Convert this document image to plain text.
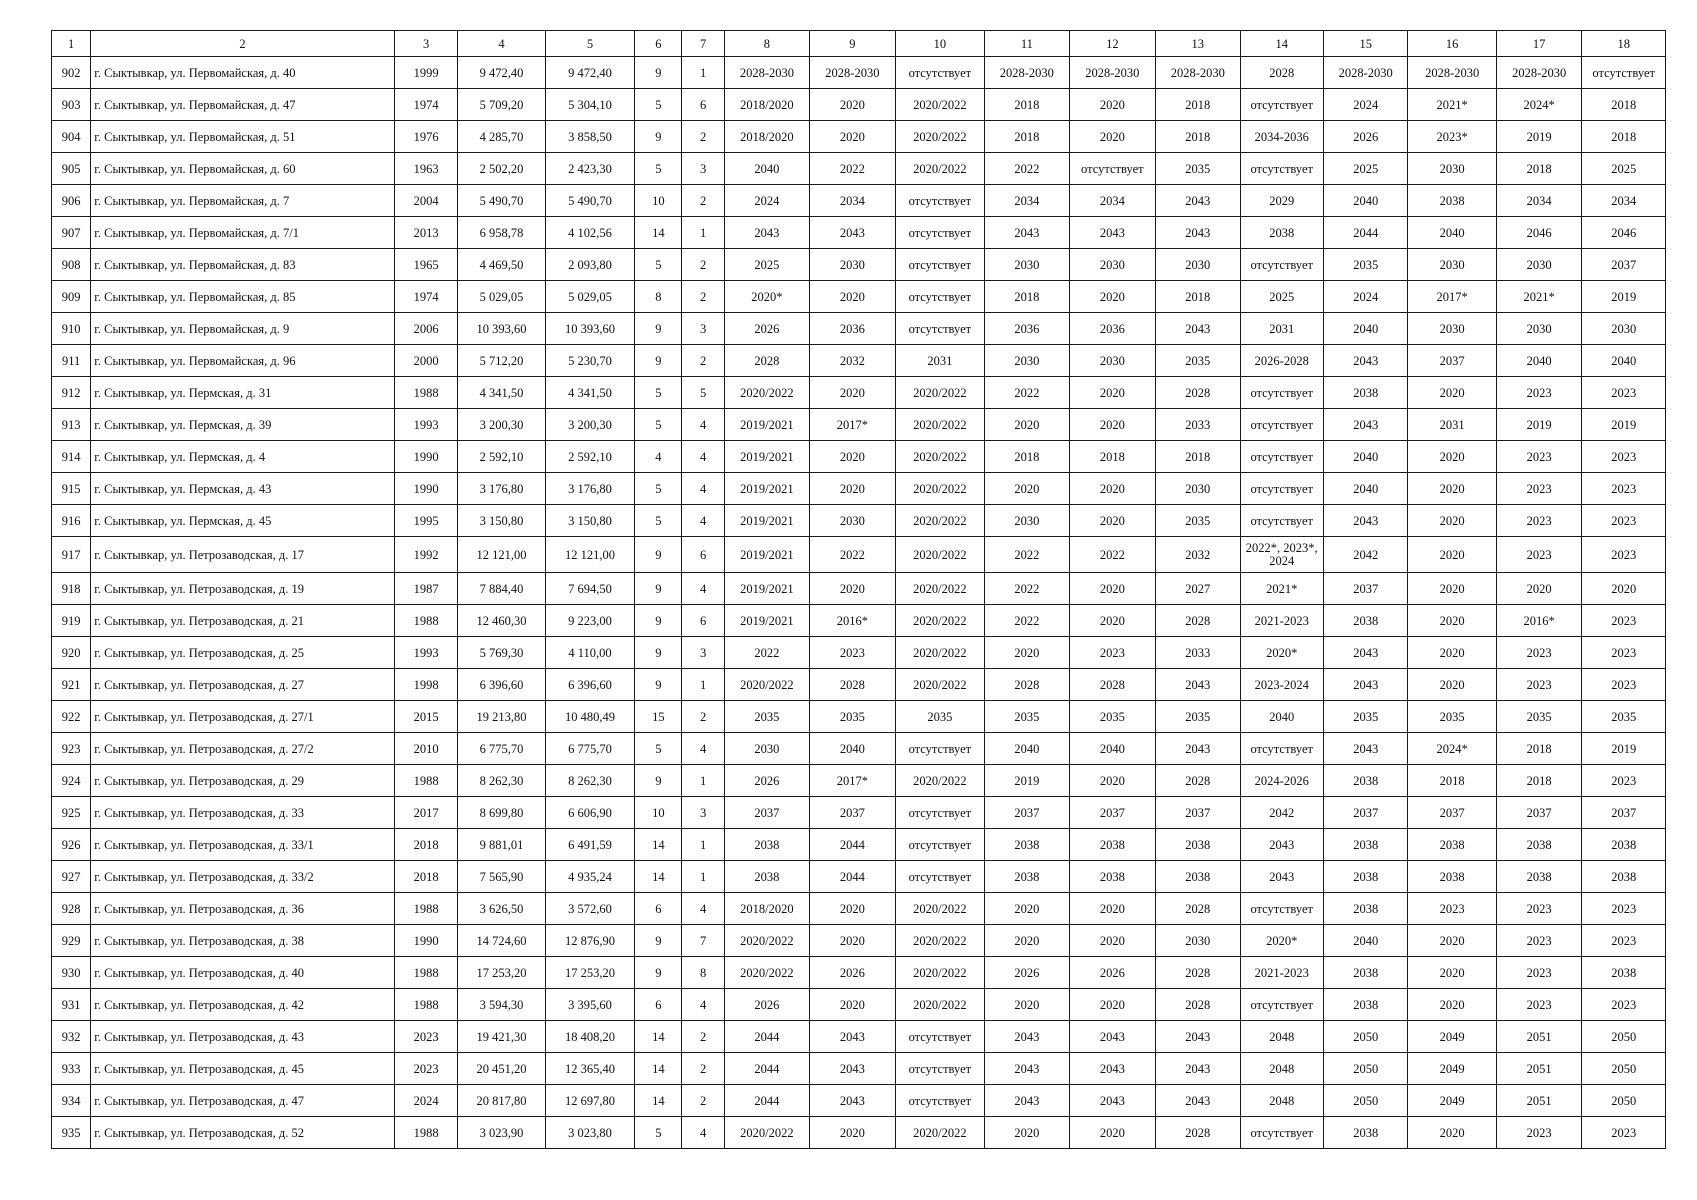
1	2	3	4	5	6	7	8	9	10	11	12	13	14	15	16	17	18
902	г. Сыктывкар, ул. Первомайская, д. 40	1999	9 472,40	9 472,40	9	1	2028-2030	2028-2030	отсутствует	2028-2030	2028-2030	2028-2030	2028	2028-2030	2028-2030	2028-2030	отсутствует
903	г. Сыктывкар, ул. Первомайская, д. 47	1974	5 709,20	5 304,10	5	6	2018/2020	2020	2020/2022	2018	2020	2018	отсутствует	2024	2021*	2024*	2018
904	г. Сыктывкар, ул. Первомайская, д. 51	1976	4 285,70	3 858,50	9	2	2018/2020	2020	2020/2022	2018	2020	2018	2034-2036	2026	2023*	2019	2018
905	г. Сыктывкар, ул. Первомайская, д. 60	1963	2 502,20	2 423,30	5	3	2040	2022	2020/2022	2022	отсутствует	2035	отсутствует	2025	2030	2018	2025
906	г. Сыктывкар, ул. Первомайская, д. 7	2004	5 490,70	5 490,70	10	2	2024	2034	отсутствует	2034	2034	2043	2029	2040	2038	2034	2034
907	г. Сыктывкар, ул. Первомайская, д. 7/1	2013	6 958,78	4 102,56	14	1	2043	2043	отсутствует	2043	2043	2043	2038	2044	2040	2046	2046
908	г. Сыктывкар, ул. Первомайская, д. 83	1965	4 469,50	2 093,80	5	2	2025	2030	отсутствует	2030	2030	2030	отсутствует	2035	2030	2030	2037
909	г. Сыктывкар, ул. Первомайская, д. 85	1974	5 029,05	5 029,05	8	2	2020*	2020	отсутствует	2018	2020	2018	2025	2024	2017*	2021*	2019
910	г. Сыктывкар, ул. Первомайская, д. 9	2006	10 393,60	10 393,60	9	3	2026	2036	отсутствует	2036	2036	2043	2031	2040	2030	2030	2030
911	г. Сыктывкар, ул. Первомайская, д. 96	2000	5 712,20	5 230,70	9	2	2028	2032	2031	2030	2030	2035	2026-2028	2043	2037	2040	2040
912	г. Сыктывкар, ул. Пермская, д. 31	1988	4 341,50	4 341,50	5	5	2020/2022	2020	2020/2022	2022	2020	2028	отсутствует	2038	2020	2023	2023
913	г. Сыктывкар, ул. Пермская, д. 39	1993	3 200,30	3 200,30	5	4	2019/2021	2017*	2020/2022	2020	2020	2033	отсутствует	2043	2031	2019	2019
914	г. Сыктывкар, ул. Пермская, д. 4	1990	2 592,10	2 592,10	4	4	2019/2021	2020	2020/2022	2018	2018	2018	отсутствует	2040	2020	2023	2023
915	г. Сыктывкар, ул. Пермская, д. 43	1990	3 176,80	3 176,80	5	4	2019/2021	2020	2020/2022	2020	2020	2030	отсутствует	2040	2020	2023	2023
916	г. Сыктывкар, ул. Пермская, д. 45	1995	3 150,80	3 150,80	5	4	2019/2021	2030	2020/2022	2030	2020	2035	отсутствует	2043	2020	2023	2023
917	г. Сыктывкар, ул. Петрозаводская, д. 17	1992	12 121,00	12 121,00	9	6	2019/2021	2022	2020/2022	2022	2022	2032	2022*, 2023*, 2024	2042	2020	2023	2023
918	г. Сыктывкар, ул. Петрозаводская, д. 19	1987	7 884,40	7 694,50	9	4	2019/2021	2020	2020/2022	2022	2020	2027	2021*	2037	2020	2020	2020
919	г. Сыктывкар, ул. Петрозаводская, д. 21	1988	12 460,30	9 223,00	9	6	2019/2021	2016*	2020/2022	2022	2020	2028	2021-2023	2038	2020	2016*	2023
920	г. Сыктывкар, ул. Петрозаводская, д. 25	1993	5 769,30	4 110,00	9	3	2022	2023	2020/2022	2020	2023	2033	2020*	2043	2020	2023	2023
921	г. Сыктывкар, ул. Петрозаводская, д. 27	1998	6 396,60	6 396,60	9	1	2020/2022	2028	2020/2022	2028	2028	2043	2023-2024	2043	2020	2023	2023
922	г. Сыктывкар, ул. Петрозаводская, д. 27/1	2015	19 213,80	10 480,49	15	2	2035	2035	2035	2035	2035	2035	2040	2035	2035	2035	2035
923	г. Сыктывкар, ул. Петрозаводская, д. 27/2	2010	6 775,70	6 775,70	5	4	2030	2040	отсутствует	2040	2040	2043	отсутствует	2043	2024*	2018	2019
924	г. Сыктывкар, ул. Петрозаводская, д. 29	1988	8 262,30	8 262,30	9	1	2026	2017*	2020/2022	2019	2020	2028	2024-2026	2038	2018	2018	2023
925	г. Сыктывкар, ул. Петрозаводская, д. 33	2017	8 699,80	6 606,90	10	3	2037	2037	отсутствует	2037	2037	2037	2042	2037	2037	2037	2037
926	г. Сыктывкар, ул. Петрозаводская, д. 33/1	2018	9 881,01	6 491,59	14	1	2038	2044	отсутствует	2038	2038	2038	2043	2038	2038	2038	2038
927	г. Сыктывкар, ул. Петрозаводская, д. 33/2	2018	7 565,90	4 935,24	14	1	2038	2044	отсутствует	2038	2038	2038	2043	2038	2038	2038	2038
928	г. Сыктывкар, ул. Петрозаводская, д. 36	1988	3 626,50	3 572,60	6	4	2018/2020	2020	2020/2022	2020	2020	2028	отсутствует	2038	2023	2023	2023
929	г. Сыктывкар, ул. Петрозаводская, д. 38	1990	14 724,60	12 876,90	9	7	2020/2022	2020	2020/2022	2020	2020	2030	2020*	2040	2020	2023	2023
930	г. Сыктывкар, ул. Петрозаводская, д. 40	1988	17 253,20	17 253,20	9	8	2020/2022	2026	2020/2022	2026	2026	2028	2021-2023	2038	2020	2023	2038
931	г. Сыктывкар, ул. Петрозаводская, д. 42	1988	3 594,30	3 395,60	6	4	2026	2020	2020/2022	2020	2020	2028	отсутствует	2038	2020	2023	2023
932	г. Сыктывкар, ул. Петрозаводская, д. 43	2023	19 421,30	18 408,20	14	2	2044	2043	отсутствует	2043	2043	2043	2048	2050	2049	2051	2050
933	г. Сыктывкар, ул. Петрозаводская, д. 45	2023	20 451,20	12 365,40	14	2	2044	2043	отсутствует	2043	2043	2043	2048	2050	2049	2051	2050
934	г. Сыктывкар, ул. Петрозаводская, д. 47	2024	20 817,80	12 697,80	14	2	2044	2043	отсутствует	2043	2043	2043	2048	2050	2049	2051	2050
935	г. Сыктывкар, ул. Петрозаводская, д. 52	1988	3 023,90	3 023,80	5	4	2020/2022	2020	2020/2022	2020	2020	2028	отсутствует	2038	2020	2023	2023
